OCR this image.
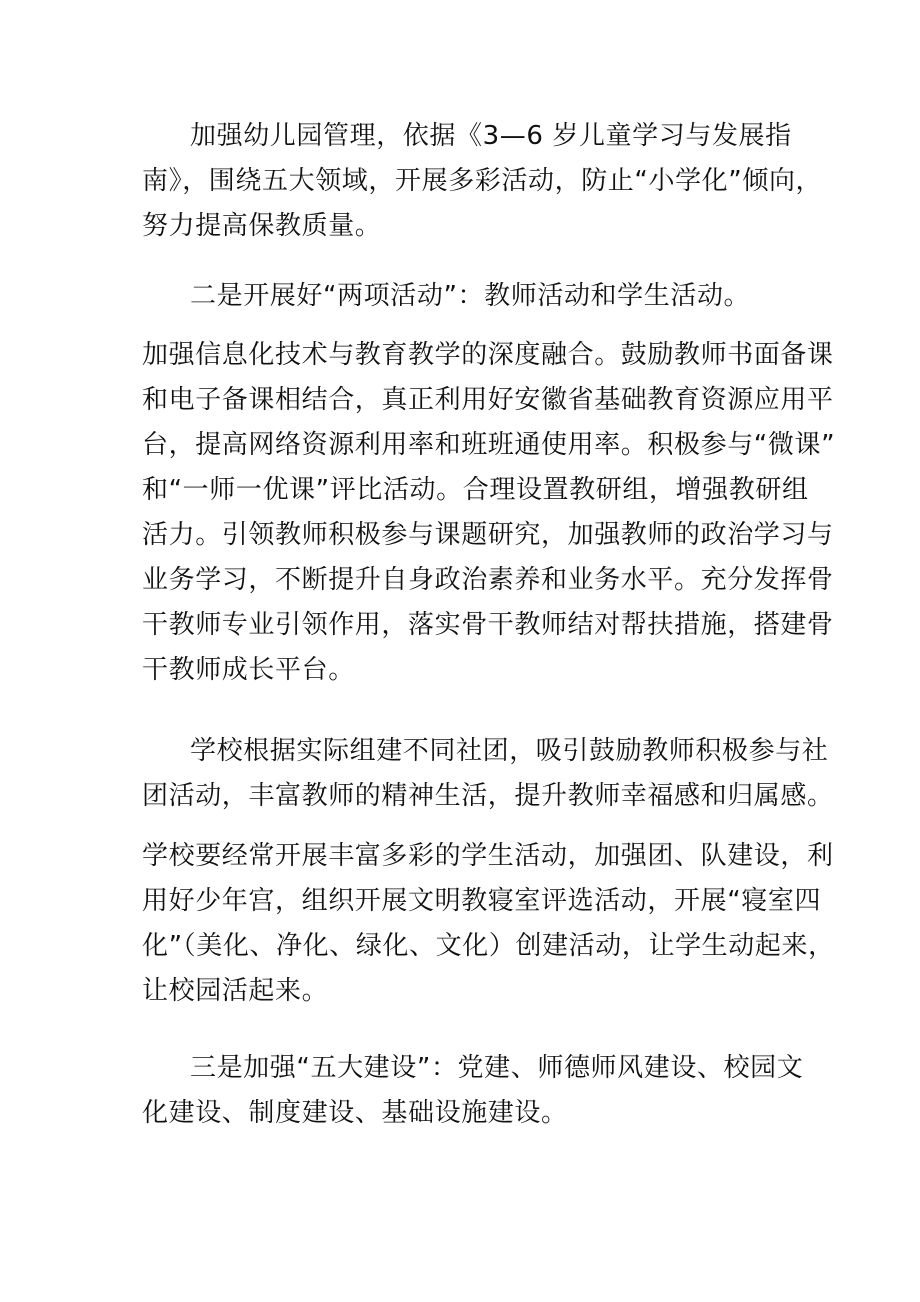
加强幼儿园管理，依据《3—6 岁儿童学习与发展指
南》，围绕五大领域，开展多彩活动，防止“小学化”倾向，
努力提高保教质量。
二是开展好“两项活动”：教师活动和学生活动。
加强信息化技术与教育教学的深度融合。鼓励教师书面备课
和电子备课相结合，真正利用好安徽省基础教育资源应用平
台，提高网络资源利用率和班班通使用率。积极参与“微课”
和“一师一优课”评比活动。合理设置教研组，增强教研组
活力。引领教师积极参与课题研究，加强教师的政治学习与
业务学习，不断提升自身政治素养和业务水平。充分发挥骨
干教师专业引领作用，落实骨干教师结对帮扶措施，搭建骨
干教师成长平台。
学校根据实际组建不同社团，吸引鼓励教师积极参与社
团活动，丰富教师的精神生活，提升教师幸福感和归属感。
学校要经常开展丰富多彩的学生活动，加强团、队建设，利
用好少年宫，组织开展文明教寝室评选活动，开展“寝室四
化”（美化、净化、绿化、文化）创建活动，让学生动起来，
让校园活起来。
三是加强“五大建设”：党建、师德师风建设、校园文
化建设、制度建设、基础设施建设。
